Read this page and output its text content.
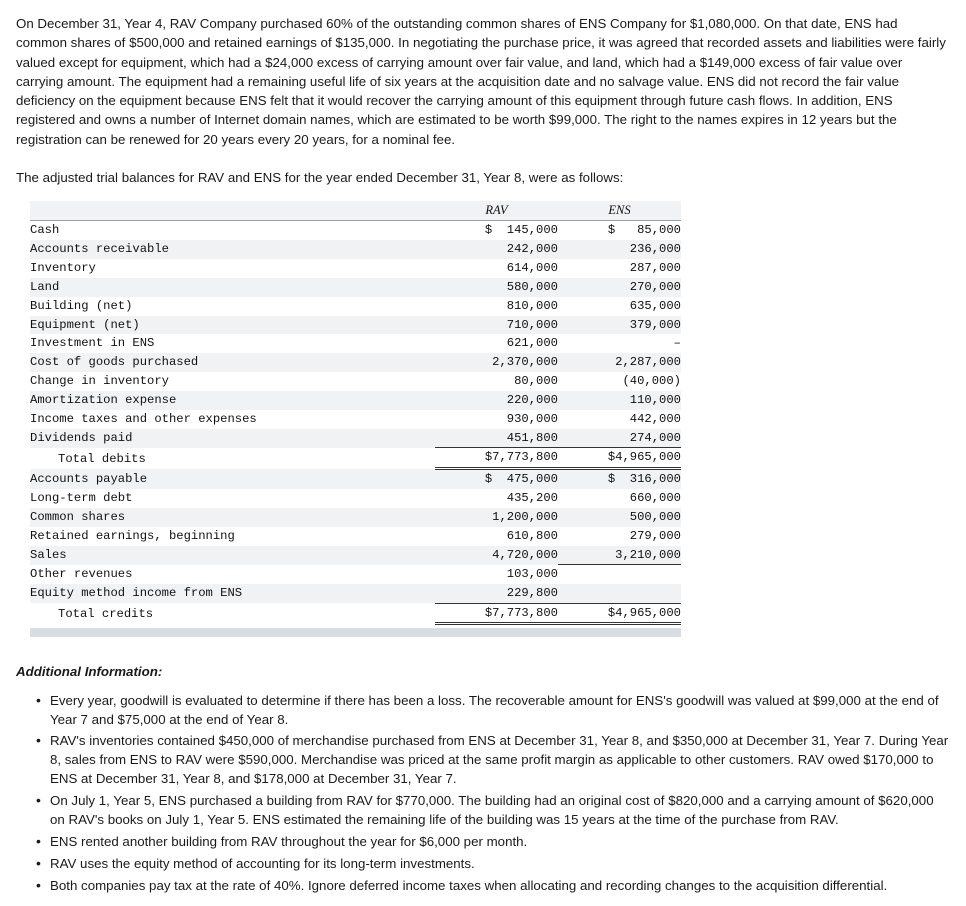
On December 31, Year 4, RAV Company purchased 60% of the outstanding common shares of ENS Company for $1,080,000. On that date, ENS had common shares of $500,000 and retained earnings of $135,000. In negotiating the purchase price, it was agreed that recorded assets and liabilities were fairly valued except for equipment, which had a $24,000 excess of carrying amount over fair value, and land, which had a $149,000 excess of fair value over carrying amount. The equipment had a remaining useful life of six years at the acquisition date and no salvage value. ENS did not record the fair value deficiency on the equipment because ENS felt that it would recover the carrying amount of this equipment through future cash flows. In addition, ENS registered and owns a number of Internet domain names, which are estimated to be worth $99,000. The right to the names expires in 12 years but the registration can be renewed for 20 years every 20 years, for a nominal fee.

The adjusted trial balances for RAV and ENS for the year ended December 31, Year 8, were as follows:

	RAV	ENS
Cash	$  145,000	$   85,000
Accounts receivable	242,000	236,000
Inventory	614,000	287,000
Land	580,000	270,000
Building (net)	810,000	635,000
Equipment (net)	710,000	379,000
Investment in ENS	621,000	–
Cost of goods purchased	2,370,000	2,287,000
Change in inventory	80,000	(40,000)
Amortization expense	220,000	110,000
Income taxes and other expenses	930,000	442,000
Dividends paid	451,800	274,000
Total debits	$7,773,800	$4,965,000
Accounts payable	$  475,000	$  316,000
Long-term debt	435,200	660,000
Common shares	1,200,000	500,000
Retained earnings, beginning	610,800	279,000
Sales	4,720,000	3,210,000
Other revenues	103,000	
Equity method income from ENS	229,800	
Total credits	$7,773,800	$4,965,000
Additional Information:
• Every year, goodwill is evaluated to determine if there has been a loss. The recoverable amount for ENS's goodwill was valued at $99,000 at the end of Year 7 and $75,000 at the end of Year 8.
• RAV's inventories contained $450,000 of merchandise purchased from ENS at December 31, Year 8, and $350,000 at December 31, Year 7. During Year 8, sales from ENS to RAV were $590,000. Merchandise was priced at the same profit margin as applicable to other customers. RAV owed $170,000 to ENS at December 31, Year 8, and $178,000 at December 31, Year 7.
• On July 1, Year 5, ENS purchased a building from RAV for $770,000. The building had an original cost of $820,000 and a carrying amount of $620,000 on RAV's books on July 1, Year 5. ENS estimated the remaining life of the building was 15 years at the time of the purchase from RAV.
• ENS rented another building from RAV throughout the year for $6,000 per month.
• RAV uses the equity method of accounting for its long-term investments.
• Both companies pay tax at the rate of 40%. Ignore deferred income taxes when allocating and recording changes to the acquisition differential.
